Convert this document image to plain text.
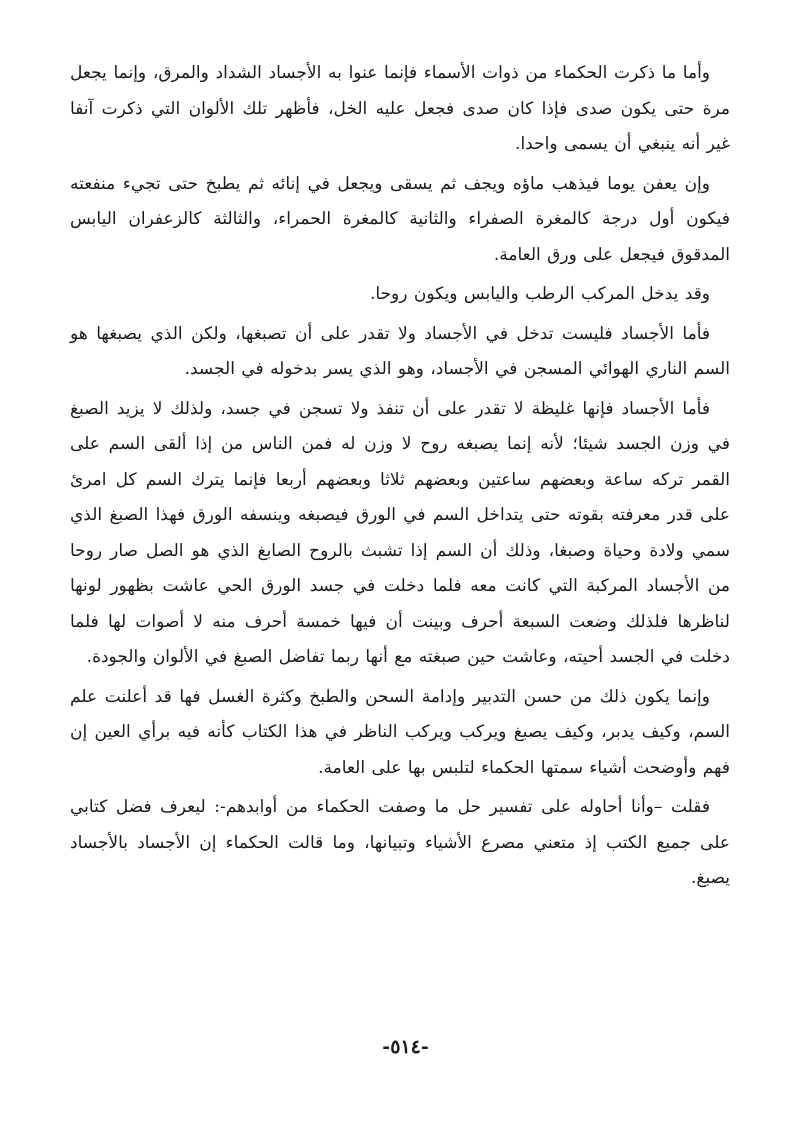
وأما ما ذكرت الحكماء من ذوات الأسماء فإنما عنوا به الأجساد الشداد والمرق، وإنما يجعل مرة حتى يكون صدى فإذا كان صدى فجعل عليه الخل، فأظهر تلك الألوان التي ذكرت آنفا غير أنه ينبغي أن يسمى واحدا.

وإن يعفن يوما فيذهب ماؤه ويجف ثم يسقى ويجعل في إنائه ثم يطبخ حتى تجيء منفعته فيكون أول درجة كالمغرة الصفراء والثانية كالمغرة الحمراء، والثالثة كالزعفران اليابس المدقوق فيجعل على ورق العامة.

وقد يدخل المركب الرطب واليابس ويكون روحا.

فأما الأجساد فليست تدخل في الأجساد ولا تقدر على أن تصبغها، ولكن الذي يصبغها هو السم الناري الهوائي المسجن في الأجساد، وهو الذي يسر بدخوله في الجسد.

فأما الأجساد فإنها غليظة لا تقدر على أن تنفذ ولا تسجن في جسد، ولذلك لا يزيد الصبغ في وزن الجسد شيئا؛ لأنه إنما يصبغه روح لا وزن له فمن الناس من إذا ألقى السم على القمر تركه ساعة وبعضهم ساعتين وبعضهم ثلاثا وبعضهم أربعا فإنما يترك السم كل امرئ على قدر معرفته بقوته حتى يتداخل السم في الورق فيصبغه وينسفه الورق فهذا الصبغ الذي سمي ولادة وحياة وصبغا، وذلك أن السم إذا تشبث بالروح الصابغ الذي هو الصل صار روحا من الأجساد المركبة التي كانت معه فلما دخلت في جسد الورق الحي عاشت بظهور لونها لناظرها فلذلك وضعت السبعة أحرف وبينت أن فيها خمسة أحرف منه لا أصوات لها فلما دخلت في الجسد أحيته، وعاشت حين صبغته مع أنها ربما تفاضل الصبغ في الألوان والجودة.

وإنما يكون ذلك من حسن التدبير وإدامة السحن والطبخ وكثرة الغسل فها قد أعلنت علم السم، وكيف يدبر، وكيف يصبغ ويركب ويركب الناظر في هذا الكتاب كأنه فيه برأي العين إن فهم وأوضحت أشياء سمتها الحكماء لتلبس بها على العامة.

فقلت –وأنا أحاوله على تفسير حل ما وصفت الحكماء من أوابدهم-: ليعرف فضل كتابي على جميع الكتب إذ متعني مصرع الأشياء وتبيانها، وما قالت الحكماء إن الأجساد بالأجساد يصبغ.

-٥١٤-
